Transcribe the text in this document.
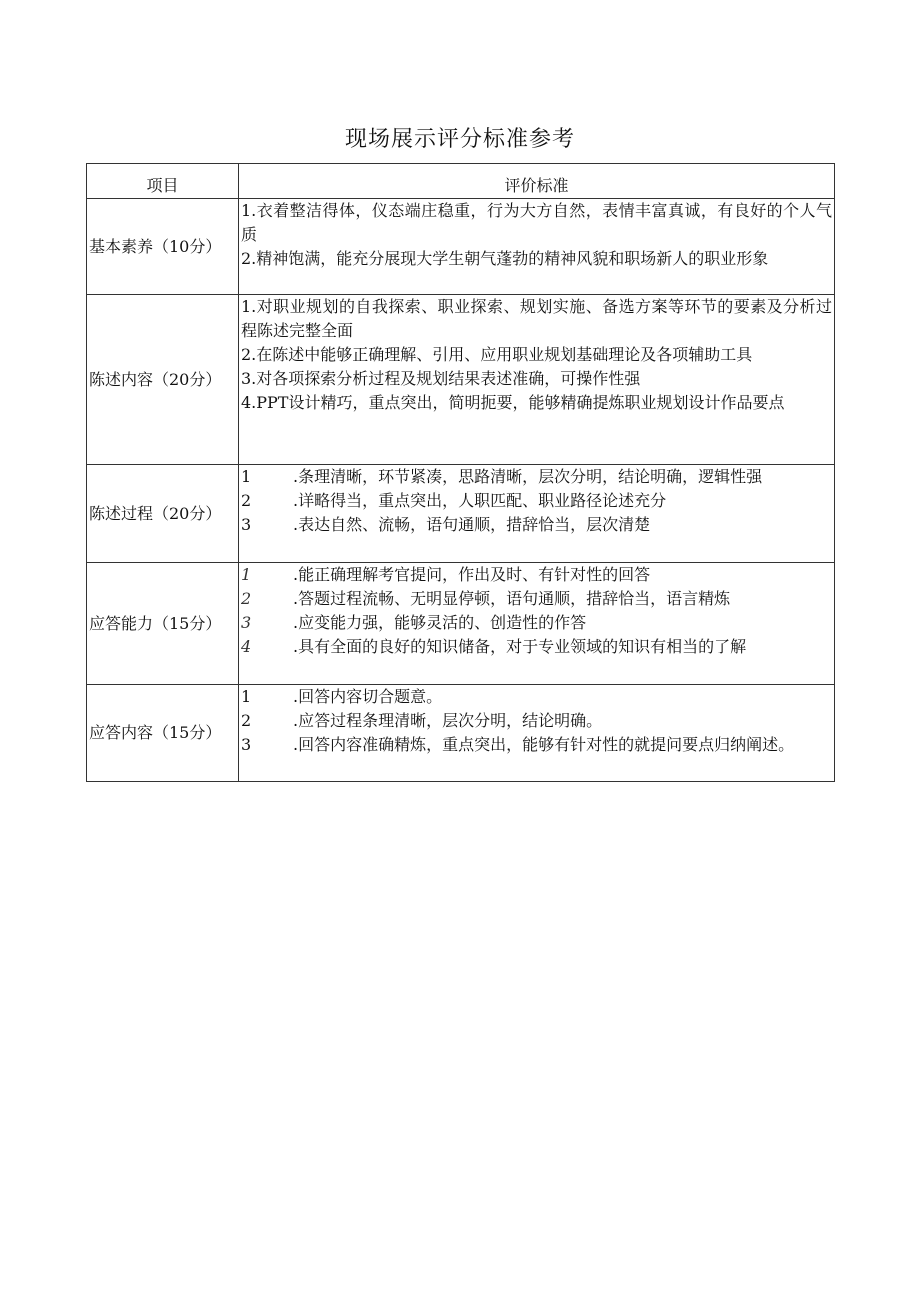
现场展示评分标准参考
项目	评价标准
基本素养（10分）	1.衣着整洁得体，仪态端庄稳重，行为大方自然，表情丰富真诚，有良好的个人气质
2.精神饱满，能充分展现大学生朝气蓬勃的精神风貌和职场新人的职业形象

陈述内容（20分）	1.对职业规划的自我探索、职业探索、规划实施、备选方案等环节的要素及分析过程陈述完整全面
2.在陈述中能够正确理解、引用、应用职业规划基础理论及各项辅助工具
3.对各项探索分析过程及规划结果表述准确，可操作性强
4.PPT设计精巧，重点突出，简明扼要，能够精确提炼职业规划设计作品要点

陈述过程（20分）	1 .条理清晰，环节紧凑，思路清晰，层次分明，结论明确，逻辑性强
2 .详略得当，重点突出，人职匹配、职业路径论述充分
3 .表达自然、流畅，语句通顺，措辞恰当，层次清楚

应答能力（15分）	1 .能正确理解考官提问，作出及时、有针对性的回答
2 .答题过程流畅、无明显停顿，语句通顺，措辞恰当，语言精炼
3 .应变能力强，能够灵活的、创造性的作答
4 .具有全面的良好的知识储备，对于专业领域的知识有相当的了解

应答内容（15分）	1 .回答内容切合题意。
2 .应答过程条理清晰，层次分明，结论明确。
3 .回答内容准确精炼，重点突出，能够有针对性的就提问要点归纳阐述。
